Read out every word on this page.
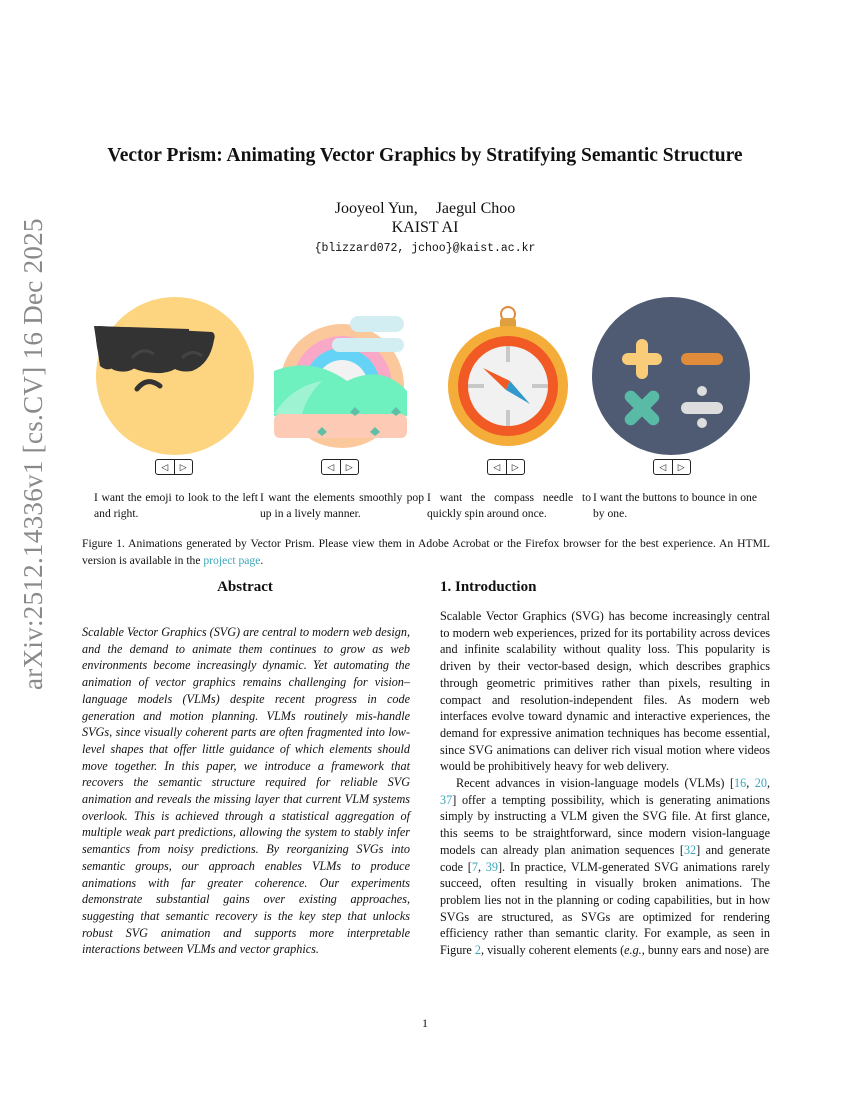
arXiv:2512.14336v1 [cs.CV] 16 Dec 2025
Vector Prism: Animating Vector Graphics by Stratifying Semantic Structure
Jooyeol Yun, Jaegul Choo
KAIST AI
{blizzard072, jchoo}@kaist.ac.kr
◁	▷	◁	▷	◁	▷	◁	▷
I want the emoji to look to the left and right.
I want the elements smoothly pop up in a lively manner.
I want the compass needle to quickly spin around once.
I want the buttons to bounce in one by one.
Figure 1. Animations generated by Vector Prism. Please view them in Adobe Acrobat or the Firefox browser for the best experience. An HTML version is available in the project page.
Abstract
Scalable Vector Graphics (SVG) are central to modern web design, and the demand to animate them continues to grow as web environments become increasingly dynamic. Yet automating the animation of vector graphics remains challenging for vision–language models (VLMs) despite recent progress in code generation and motion planning. VLMs routinely mis-handle SVGs, since visually coherent parts are often fragmented into low-level shapes that offer little guidance of which elements should move together. In this paper, we introduce a framework that recovers the semantic structure required for reliable SVG animation and reveals the missing layer that current VLM systems overlook. This is achieved through a statistical aggregation of multiple weak part predictions, allowing the system to stably infer semantics from noisy predictions. By reorganizing SVGs into semantic groups, our approach enables VLMs to produce animations with far greater coherence. Our experiments demonstrate substantial gains over existing approaches, suggesting that semantic recovery is the key step that unlocks robust SVG animation and supports more interpretable interactions between VLMs and vector graphics.
1. Introduction

Scalable Vector Graphics (SVG) has become increasingly central to modern web experiences, prized for its portability across devices and infinite scalability without quality loss. This popularity is driven by their vector-based design, which describes graphics through geometric primitives rather than pixels, resulting in compact and resolution-independent files. As modern web interfaces evolve toward dynamic and interactive experiences, the demand for expressive animation techniques has become essential, since SVG animations can deliver rich visual motion where videos would be prohibitively heavy for web delivery.

Recent advances in vision-language models (VLMs) [16, 20, 37] offer a tempting possibility, which is generating animations simply by instructing a VLM given the SVG file. At first glance, this seems to be straightforward, since modern vision-language models can already plan animation sequences [32] and generate code [7, 39]. In practice, VLM-generated SVG animations rarely succeed, often resulting in visually broken animations. The problem lies not in the planning or coding capabilities, but in how SVGs are structured, as SVGs are optimized for rendering efficiency rather than semantic clarity. For example, as seen in Figure 2, visually coherent elements (e.g., bunny ears and nose) are

1
